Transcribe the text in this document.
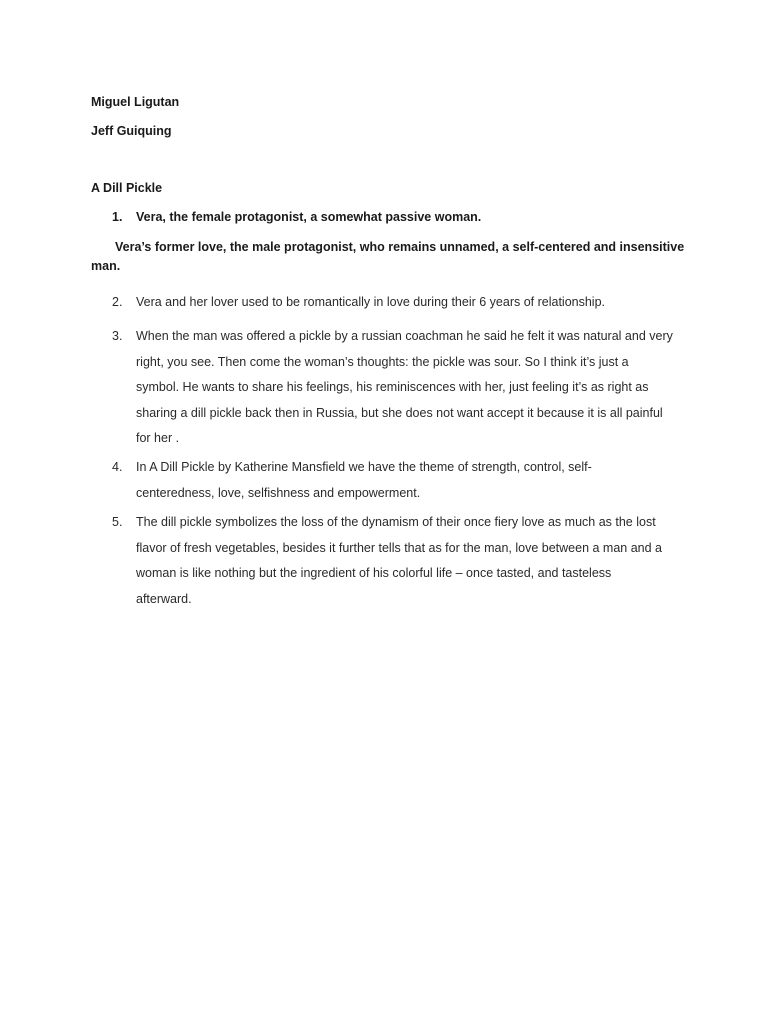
Miguel Ligutan
Jeff Guiquing
A Dill Pickle
1.	Vera, the female protagonist, a somewhat passive woman.
Vera’s former love, the male protagonist, who remains unnamed, a self-centered and insensitive
man.
2.	Vera and her lover used to be romantically in love during their 6 years of relationship.
3.	When the man was offered a pickle by a russian coachman he said he felt it was natural and very
right, you see. Then come the woman’s thoughts: the pickle was sour. So I think it’s just a
symbol. He wants to share his feelings, his reminiscences with her, just feeling it’s as right as
sharing a dill pickle back then in Russia, but she does not want accept it because it is all painful
for her .
4.	In A Dill Pickle by Katherine Mansfield we have the theme of strength, control, self-
centeredness, love, selfishness and empowerment.
5.	The dill pickle symbolizes the loss of the dynamism of their once fiery love as much as the lost
flavor of fresh vegetables, besides it further tells that as for the man, love between a man and a
woman is like nothing but the ingredient of his colorful life – once tasted, and tasteless
afterward.
